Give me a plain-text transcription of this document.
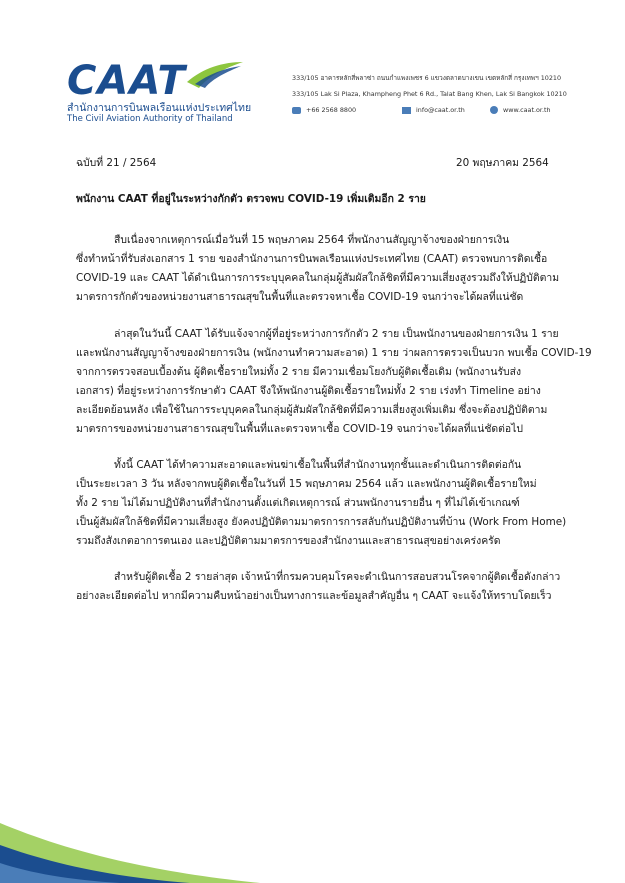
CAAT
สำนักงานการบินพลเรือนแห่งประเทศไทย
The Civil Aviation Authority of Thailand
333/105 อาคารหลักสี่พลาซ่า ถนนกำแพงเพชร 6 แขวงตลาดบางเขน เขตหลักสี่ กรุงเทพฯ 10210
333/105 Lak Si Plaza, Khampheng Phet 6 Rd., Talat Bang Khen, Lak Si Bangkok 10210
+66 2568 8800	info@caat.or.th	www.caat.or.th
ฉบับที่ 21 / 2564	20 พฤษภาคม 2564
พนักงาน CAAT ที่อยู่ในระหว่างกักตัว ตรวจพบ COVID-19 เพิ่มเติมอีก 2 ราย
สืบเนื่องจากเหตุการณ์เมื่อวันที่ 15 พฤษภาคม 2564 ที่พนักงานสัญญาจ้างของฝ่ายการเงิน
ซึ่งทำหน้าที่รับส่งเอกสาร 1 ราย ของสำนักงานการบินพลเรือนแห่งประเทศไทย (CAAT) ตรวจพบการติดเชื้อ
COVID-19 และ CAAT ได้ดำเนินการการระบุบุคคลในกลุ่มผู้สัมผัสใกล้ชิดที่มีความเสี่ยงสูงรวมถึงให้ปฏิบัติตาม
มาตรการกักตัวของหน่วยงานสาธารณสุขในพื้นที่และตรวจหาเชื้อ COVID-19 จนกว่าจะได้ผลที่แน่ชัด
ล่าสุดในวันนี้ CAAT ได้รับแจ้งจากผู้ที่อยู่ระหว่างการกักตัว 2 ราย เป็นพนักงานของฝ่ายการเงิน 1 ราย
และพนักงานสัญญาจ้างของฝ่ายการเงิน (พนักงานทำความสะอาด) 1 ราย ว่าผลการตรวจเป็นบวก พบเชื้อ COVID-19
จากการตรวจสอบเบื้องต้น ผู้ติดเชื้อรายใหม่ทั้ง 2 ราย มีความเชื่อมโยงกับผู้ติดเชื้อเดิม (พนักงานรับส่ง
เอกสาร) ที่อยู่ระหว่างการรักษาตัว CAAT จึงให้พนักงานผู้ติดเชื้อรายใหม่ทั้ง 2 ราย เร่งทำ Timeline อย่าง
ละเอียดย้อนหลัง เพื่อใช้ในการระบุบุคคลในกลุ่มผู้สัมผัสใกล้ชิดที่มีความเสี่ยงสูงเพิ่มเติม ซึ่งจะต้องปฏิบัติตาม
มาตรการของหน่วยงานสาธารณสุขในพื้นที่และตรวจหาเชื้อ COVID-19 จนกว่าจะได้ผลที่แน่ชัดต่อไป
ทั้งนี้ CAAT ได้ทำความสะอาดและพ่นฆ่าเชื้อในพื้นที่สำนักงานทุกชั้นและดำเนินการติดต่อกัน
เป็นระยะเวลา 3 วัน หลังจากพบผู้ติดเชื้อในวันที่ 15 พฤษภาคม 2564 แล้ว และพนักงานผู้ติดเชื้อรายใหม่
ทั้ง 2 ราย ไม่ได้มาปฏิบัติงานที่สำนักงานตั้งแต่เกิดเหตุการณ์ ส่วนพนักงานรายอื่น ๆ ที่ไม่ได้เข้าเกณฑ์
เป็นผู้สัมผัสใกล้ชิดที่มีความเสี่ยงสูง ยังคงปฏิบัติตามมาตรการการสลับกันปฏิบัติงานที่บ้าน (Work From Home)
รวมถึงสังเกตอาการตนเอง และปฏิบัติตามมาตรการของสำนักงานและสาธารณสุขอย่างเคร่งครัด
สำหรับผู้ติดเชื้อ 2 รายล่าสุด เจ้าหน้าที่กรมควบคุมโรคจะดำเนินการสอบสวนโรคจากผู้ติดเชื้อดังกล่าว
อย่างละเอียดต่อไป หากมีความคืบหน้าอย่างเป็นทางการและข้อมูลสำคัญอื่น ๆ CAAT จะแจ้งให้ทราบโดยเร็ว
